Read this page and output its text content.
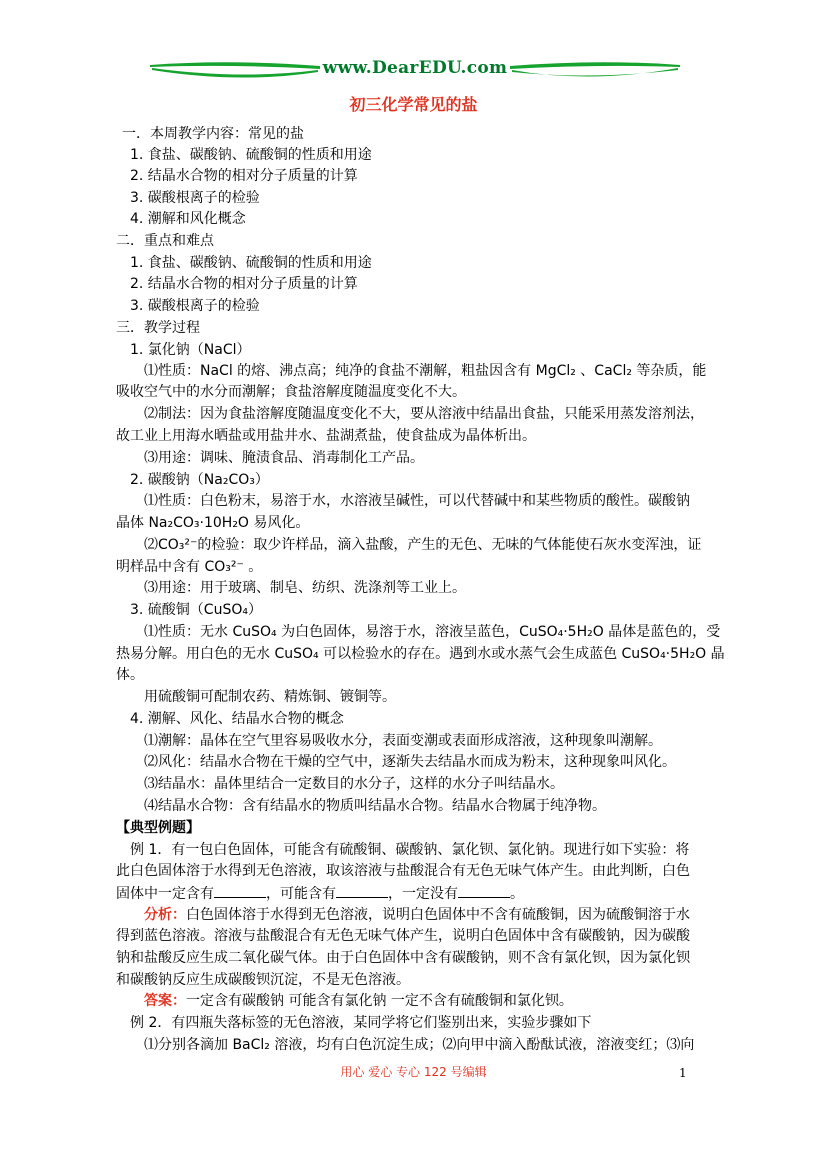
www.DearEDU.com
初三化学常见的盐
一．本周教学内容：常见的盐
1. 食盐、碳酸钠、硫酸铜的性质和用途
2. 结晶水合物的相对分子质量的计算
3. 碳酸根离子的检验
4. 潮解和风化概念
二．重点和难点
1. 食盐、碳酸钠、硫酸铜的性质和用途
2. 结晶水合物的相对分子质量的计算
3. 碳酸根离子的检验
三．教学过程
1. 氯化钠（NaCl）
⑴性质：NaCl 的熔、沸点高；纯净的食盐不潮解，粗盐因含有 MgCl₂ 、CaCl₂ 等杂质，能
吸收空气中的水分而潮解；食盐溶解度随温度变化不大。
⑵制法：因为食盐溶解度随温度变化不大，要从溶液中结晶出食盐，只能采用蒸发溶剂法，
故工业上用海水晒盐或用盐井水、盐湖煮盐，使食盐成为晶体析出。
⑶用途：调味、腌渍食品、消毒制化工产品。
2. 碳酸钠（Na₂CO₃）
⑴性质：白色粉末，易溶于水，水溶液呈碱性，可以代替碱中和某些物质的酸性。碳酸钠
晶体 Na₂CO₃·10H₂O 易风化。
⑵CO₃²⁻的检验：取少许样品，滴入盐酸，产生的无色、无味的气体能使石灰水变浑浊，证
明样品中含有 CO₃²⁻ 。
⑶用途：用于玻璃、制皂、纺织、洗涤剂等工业上。
3. 硫酸铜（CuSO₄）
⑴性质：无水 CuSO₄ 为白色固体，易溶于水，溶液呈蓝色，CuSO₄·5H₂O 晶体是蓝色的，受
热易分解。用白色的无水 CuSO₄ 可以检验水的存在。遇到水或水蒸气会生成蓝色 CuSO₄·5H₂O 晶
体。
用硫酸铜可配制农药、精炼铜、镀铜等。
4. 潮解、风化、结晶水合物的概念
⑴潮解：晶体在空气里容易吸收水分，表面变潮或表面形成溶液，这种现象叫潮解。
⑵风化：结晶水合物在干燥的空气中，逐渐失去结晶水而成为粉末，这种现象叫风化。
⑶结晶水：晶体里结合一定数目的水分子，这样的水分子叫结晶水。
⑷结晶水合物：含有结晶水的物质叫结晶水合物。结晶水合物属于纯净物。
【典型例题】
例 1．有一包白色固体，可能含有硫酸铜、碳酸钠、氯化钡、氯化钠。现进行如下实验：将
此白色固体溶于水得到无色溶液，取该溶液与盐酸混合有无色无味气体产生。由此判断，白色
固体中一定含有	，可能含有	，一定没有	。
分析：白色固体溶于水得到无色溶液，说明白色固体中不含有硫酸铜，因为硫酸铜溶于水
得到蓝色溶液。溶液与盐酸混合有无色无味气体产生，说明白色固体中含有碳酸钠，因为碳酸
钠和盐酸反应生成二氧化碳气体。由于白色固体中含有碳酸钠，则不含有氯化钡，因为氯化钡
和碳酸钠反应生成碳酸钡沉淀，不是无色溶液。
答案：一定含有碳酸钠 可能含有氯化钠 一定不含有硫酸铜和氯化钡。
例 2．有四瓶失落标签的无色溶液，某同学将它们鉴别出来，实验步骤如下
⑴分别各滴加 BaCl₂ 溶液，均有白色沉淀生成；⑵向甲中滴入酚酞试液，溶液变红；⑶向
用心 爱心 专心 122 号编辑	1
